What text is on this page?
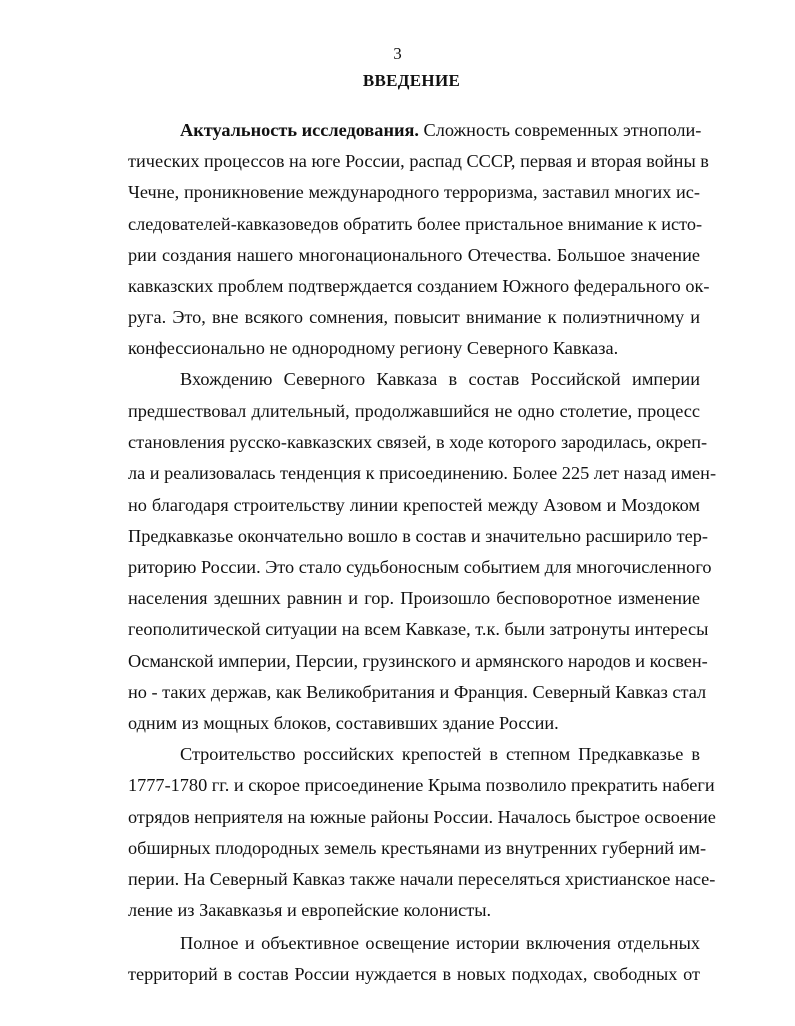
3
ВВЕДЕНИЕ
Актуальность исследования. Сложность современных этнополи-
тических процессов на юге России, распад СССР, первая и вторая войны в
Чечне, проникновение международного терроризма, заставил многих ис-
следователей-кавказоведов обратить более пристальное внимание к исто-
рии создания нашего многонационального Отечества. Большое значение
кавказских проблем подтверждается созданием Южного федерального ок-
руга. Это, вне всякого сомнения, повысит внимание к полиэтничному и
конфессионально не однородному региону Северного Кавказа.
Вхождению Северного Кавказа в состав Российской империи
предшествовал длительный, продолжавшийся не одно столетие, процесс
становления русско-кавказских связей, в ходе которого зародилась, окреп-
ла и реализовалась тенденция к присоединению. Более 225 лет назад имен-
но благодаря строительству линии крепостей между Азовом и Моздоком
Предкавказье окончательно вошло в состав и значительно расширило тер-
риторию России. Это стало судьбоносным событием для многочисленного
населения здешних равнин и гор. Произошло бесповоротное изменение
геополитической ситуации на всем Кавказе, т.к. были затронуты интересы
Османской империи, Персии, грузинского и армянского народов и косвен-
но - таких держав, как Великобритания и Франция. Северный Кавказ стал
одним из мощных блоков, составивших здание России.
Строительство российских крепостей в степном Предкавказье в
1777-1780 гг. и скорое присоединение Крыма позволило прекратить набеги
отрядов неприятеля на южные районы России. Началось быстрое освоение
обширных плодородных земель крестьянами из внутренних губерний им-
перии. На Северный Кавказ также начали переселяться христианское насе-
ление из Закавказья и европейские колонисты.
Полное и объективное освещение истории включения отдельных
территорий в состав России нуждается в новых подходах, свободных от
